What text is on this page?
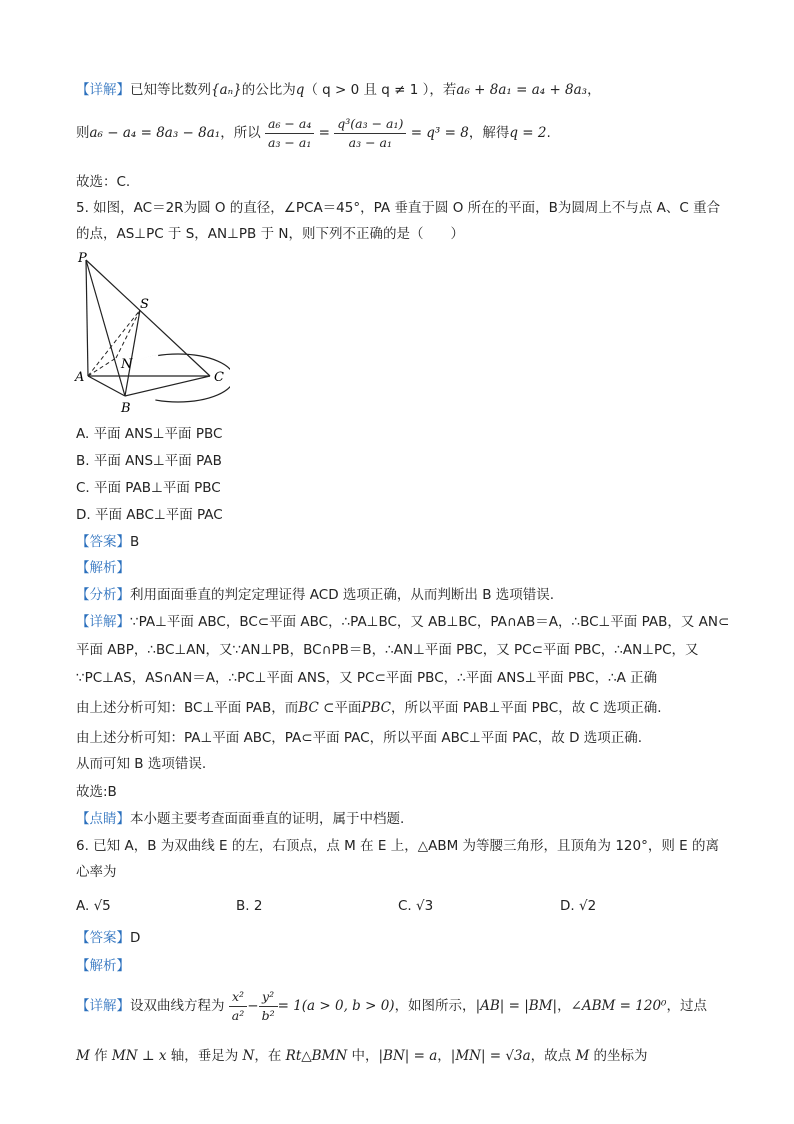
【详解】已知等比数列{aₙ}的公比为q（ q > 0 且 q ≠ 1 ），若a₆ + 8a₁ = a₄ + 8a₃，
则a₆ − a₄ = 8a₃ − 8a₁，所以 $\frac{\text{a₆ − a₄}}{\text{a₃ − a₁}} = \frac{\text{q³(a₃ − a₁)}}{\text{a₃ − a₁}} = q^3 = 8$，解得q = 2.
故选：C.
5. 如图，AC＝2R为圆 O 的直径，∠PCA＝45°，PA 垂直于圆 O 所在的平面，B为圆周上不与点 A、C 重合
的点，AS⊥PC 于 S，AN⊥PB 于 N，则下列不正确的是（　　）
P
S
N
A
B
C
A. 平面 ANS⊥平面 PBC
B. 平面 ANS⊥平面 PAB
C. 平面 PAB⊥平面 PBC
D. 平面 ABC⊥平面 PAC
【答案】B
【解析】
【分析】利用面面垂直的判定定理证得 ACD 选项正确，从而判断出 B 选项错误.
【详解】∵PA⊥平面 ABC，BC⊂平面 ABC，∴PA⊥BC，又 AB⊥BC，PA∩AB＝A，∴BC⊥平面 PAB，又 AN⊂
平面 ABP，∴BC⊥AN，又∵AN⊥PB，BC∩PB＝B，∴AN⊥平面 PBC，又 PC⊂平面 PBC，∴AN⊥PC，又
∵PC⊥AS，AS∩AN＝A，∴PC⊥平面 ANS，又 PC⊂平面 PBC，∴平面 ANS⊥平面 PBC，∴A 正确
由上述分析可知：BC⊥平面 PAB，而BC ⊂平面PBC，所以平面 PAB⊥平面 PBC，故 C 选项正确.
由上述分析可知：PA⊥平面 ABC，PA⊂平面 PAC，所以平面 ABC⊥平面 PAC，故 D 选项正确.
从而可知 B 选项错误.
故选:B
【点睛】本小题主要考查面面垂直的证明，属于中档题.
6. 已知 A，B 为双曲线 E 的左，右顶点，点 M 在 E 上，△ABM 为等腰三角形，且顶角为 120°，则 E 的离
心率为
A. √5	B. 2	C. √3	D. √2
【答案】D
【解析】
【详解】设双曲线方程为 $\frac{\text{x²}}{\text{a²}} - \frac{\text{y²}}{\text{b²}} = 1(a > 0$, b > 0)，如图所示，|AB| = |BM|，∠ABM = 120⁰，过点
M 作 MN ⊥ x 轴，垂足为 N，在 Rt△BMN 中，|BN| = a，|MN| = √3a，故点 M 的坐标为
